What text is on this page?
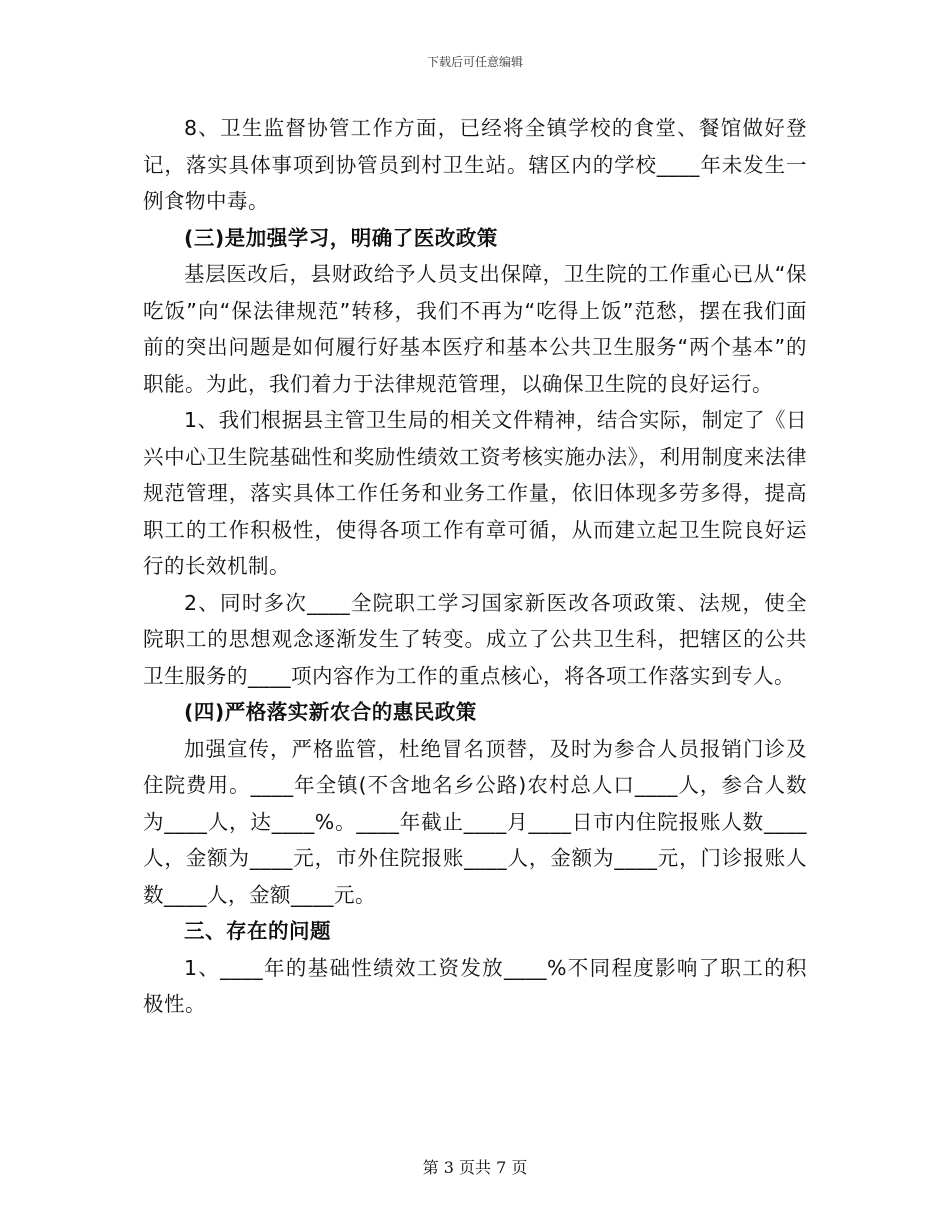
下载后可任意编辑

8、卫生监督协管工作方面，已经将全镇学校的食堂、餐馆做好登记，落实具体事项到协管员到村卫生站。辖区内的学校____年未发生一例食物中毒。

(三)是加强学习，明确了医改政策

基层医改后，县财政给予人员支出保障，卫生院的工作重心已从“保吃饭”向“保法律规范”转移，我们不再为“吃得上饭”范愁，摆在我们面前的突出问题是如何履行好基本医疗和基本公共卫生服务“两个基本”的职能。为此，我们着力于法律规范管理，以确保卫生院的良好运行。

1、我们根据县主管卫生局的相关文件精神，结合实际，制定了《日兴中心卫生院基础性和奖励性绩效工资考核实施办法》，利用制度来法律规范管理，落实具体工作任务和业务工作量，依旧体现多劳多得，提高职工的工作积极性，使得各项工作有章可循，从而建立起卫生院良好运行的长效机制。

2、同时多次____全院职工学习国家新医改各项政策、法规，使全院职工的思想观念逐渐发生了转变。成立了公共卫生科，把辖区的公共卫生服务的____项内容作为工作的重点核心，将各项工作落实到专人。

(四)严格落实新农合的惠民政策

加强宣传，严格监管，杜绝冒名顶替，及时为参合人员报销门诊及住院费用。____年全镇(不含地名乡公路)农村总人口____人，参合人数为____人，达____%。____年截止____月____日市内住院报账人数____人，金额为____元，市外住院报账____人，金额为____元，门诊报账人数____人，金额____元。

三、存在的问题

1、____年的基础性绩效工资发放____%不同程度影响了职工的积极性。

第 3 页共 7 页
